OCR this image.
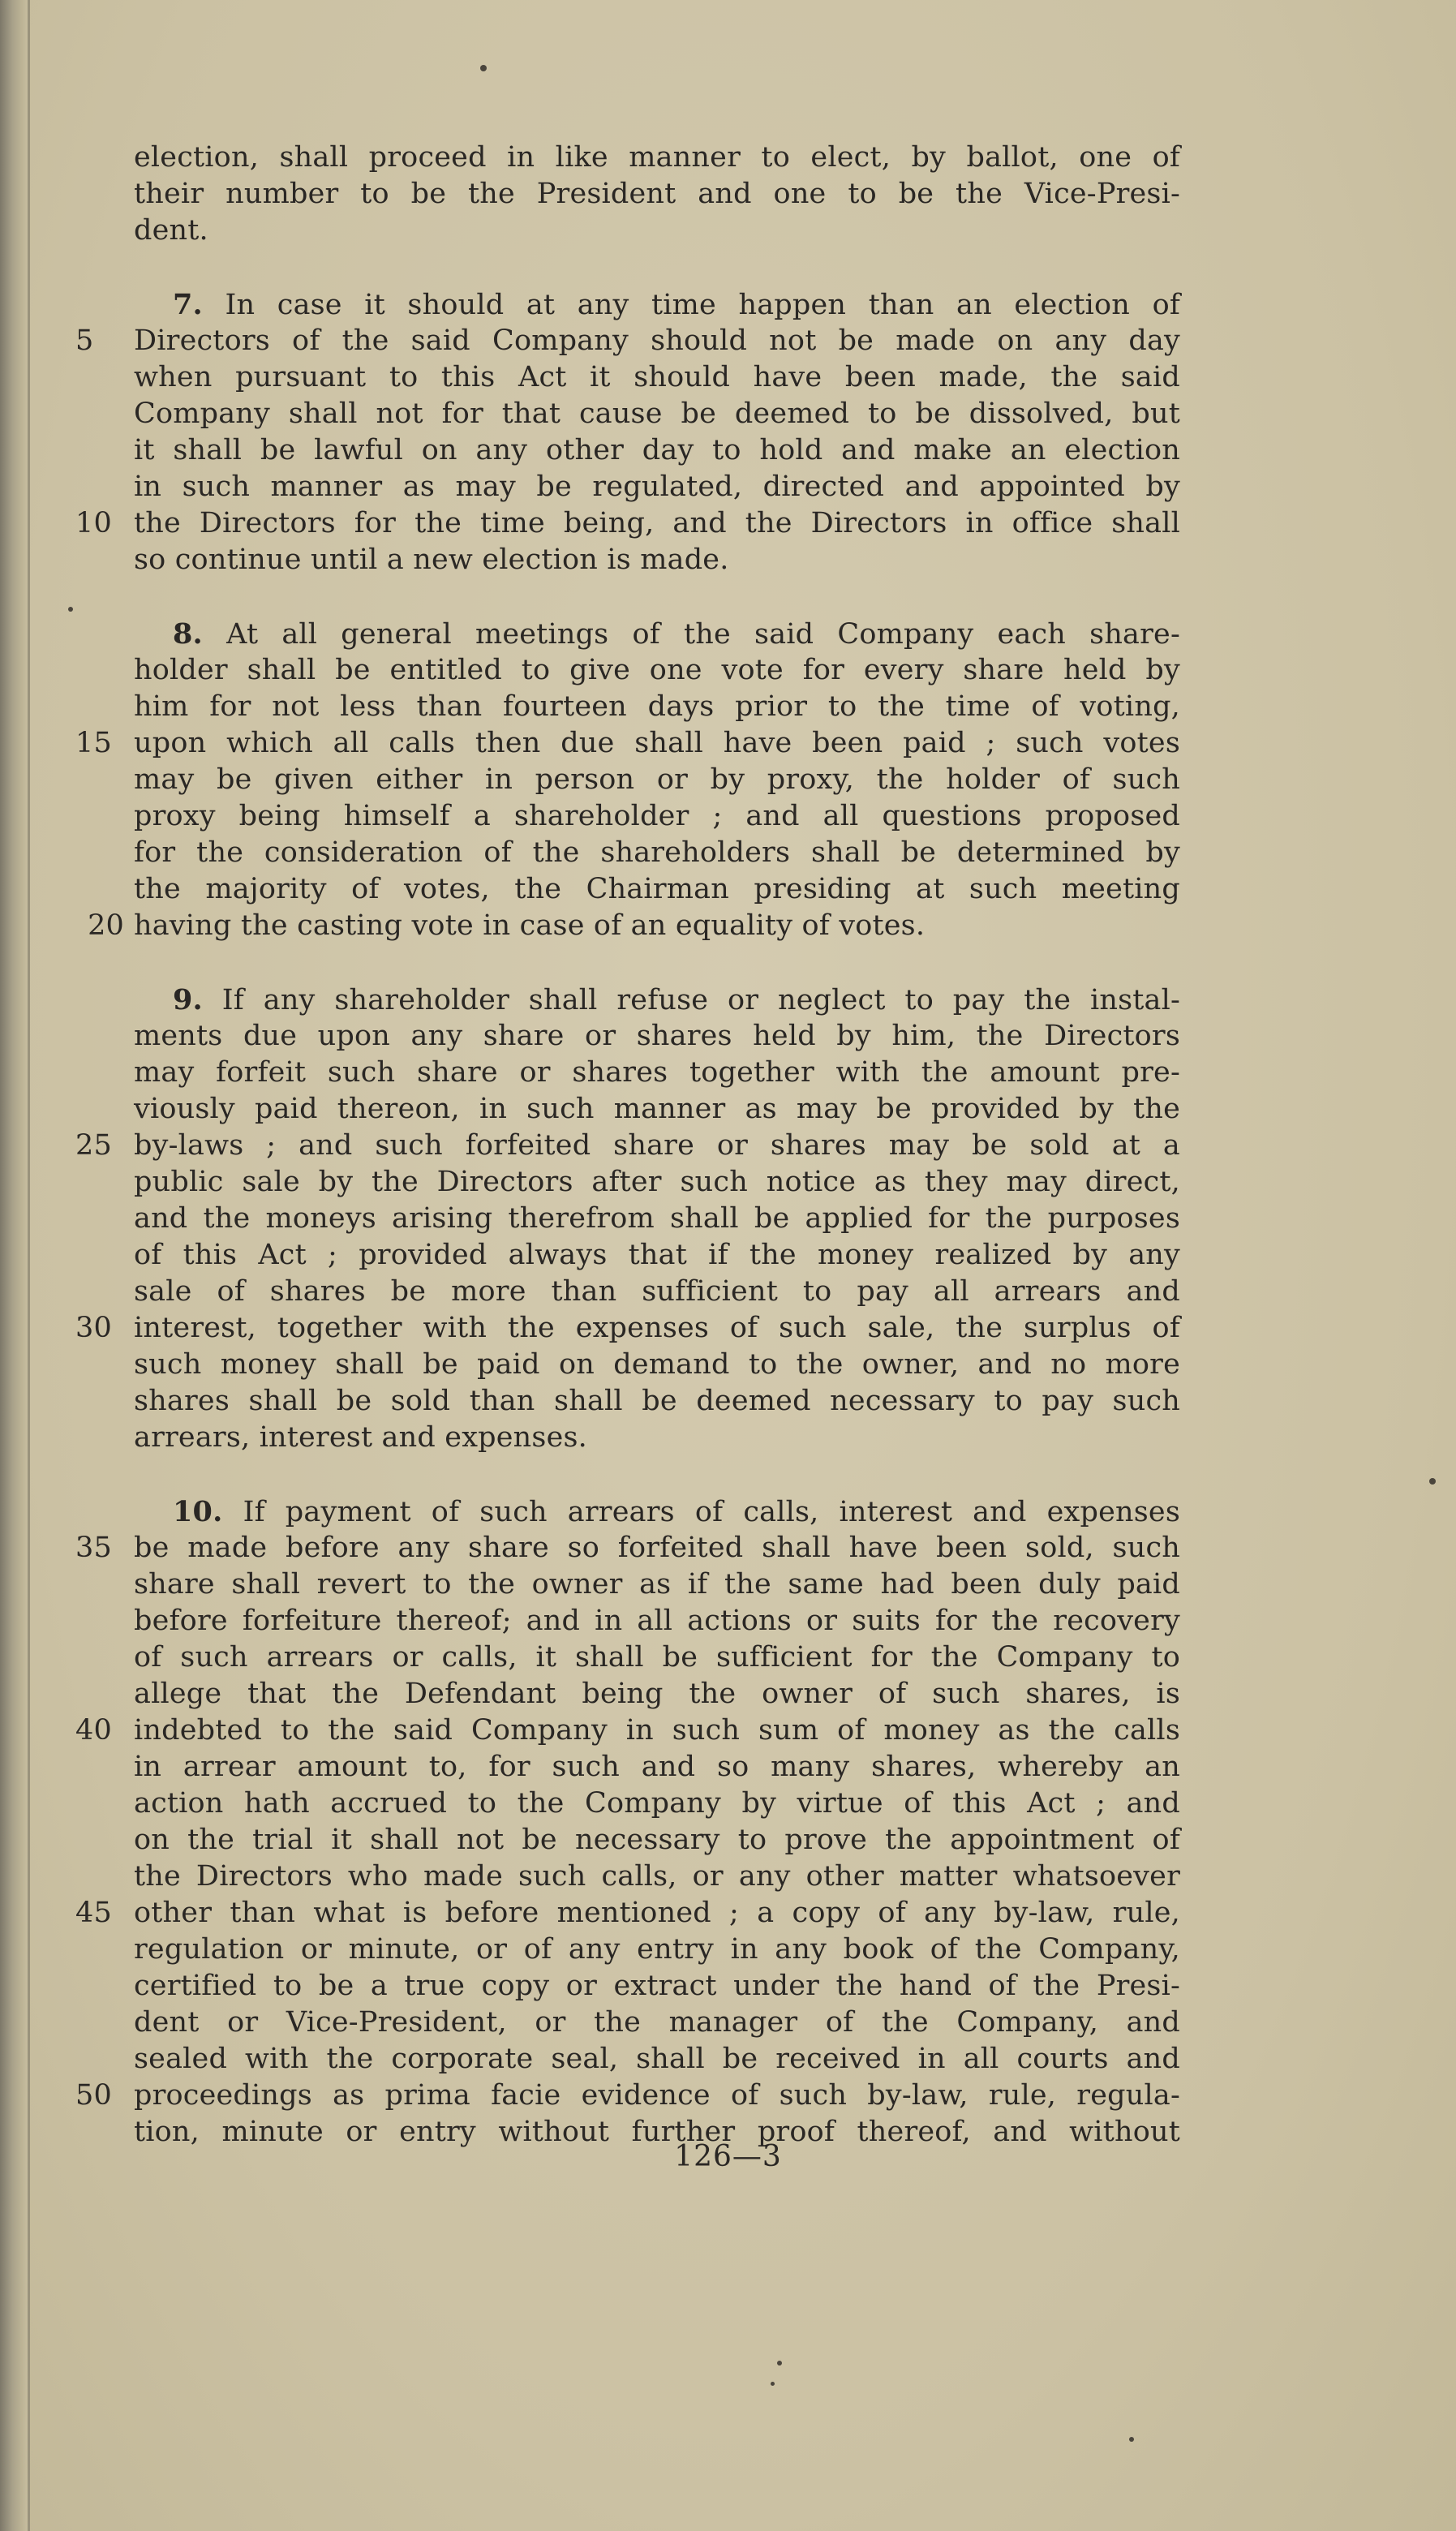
election, shall proceed in like manner to elect, by ballot, one of
their number to be the President and one to be the Vice-Presi-
dent.
7. In case it should at any time happen than an election of
5	Directors of the said Company should not be made on any day
when pursuant to this Act it should have been made, the said
Company shall not for that cause be deemed to be dissolved, but
it shall be lawful on any other day to hold and make an election
in such manner as may be regulated, directed and appointed by
10 the Directors for the time being, and the Directors in office shall
so continue until a new election is made.
8. At all general meetings of the said Company each share-
holder shall be entitled to give one vote for every share held by
him for not less than fourteen days prior to the time of voting,
15 upon which all calls then due shall have been paid ; such votes
may be given either in person or by proxy, the holder of such
proxy being himself a shareholder ; and all questions proposed
for the consideration of the shareholders shall be determined by
the majority of votes, the Chairman presiding at such meeting
20 having the casting vote in case of an equality of votes.
9. If any shareholder shall refuse or neglect to pay the instal-
ments due upon any share or shares held by him, the Directors
may forfeit such share or shares together with the amount pre-
viously paid thereon, in such manner as may be provided by the
25 by-laws ; and such forfeited share or shares may be sold at a
public sale by the Directors after such notice as they may direct,
and the moneys arising therefrom shall be applied for the purposes
of this Act ; provided always that if the money realized by any
sale of shares be more than sufficient to pay all arrears and
30 interest, together with the expenses of such sale, the surplus of
such money shall be paid on demand to the owner, and no more
shares shall be sold than shall be deemed necessary to pay such
arrears, interest and expenses.
10. If payment of such arrears of calls, interest and expenses
35 be made before any share so forfeited shall have been sold, such
share shall revert to the owner as if the same had been duly paid
before forfeiture thereof; and in all actions or suits for the recovery
of such arrears or calls, it shall be sufficient for the Company to
allege that the Defendant being the owner of such shares, is
40 indebted to the said Company in such sum of money as the calls
in arrear amount to, for such and so many shares, whereby an
action hath accrued to the Company by virtue of this Act ; and
on the trial it shall not be necessary to prove the appointment of
the Directors who made such calls, or any other matter whatsoever
45 other than what is before mentioned ; a copy of any by-law, rule,
regulation or minute, or of any entry in any book of the Company,
certified to be a true copy or extract under the hand of the Presi-
dent or Vice-President, or the manager of the Company, and
sealed with the corporate seal, shall be received in all courts and
50 proceedings as prima facie evidence of such by-law, rule, regula-
tion, minute or entry without further proof thereof, and without
126—3
